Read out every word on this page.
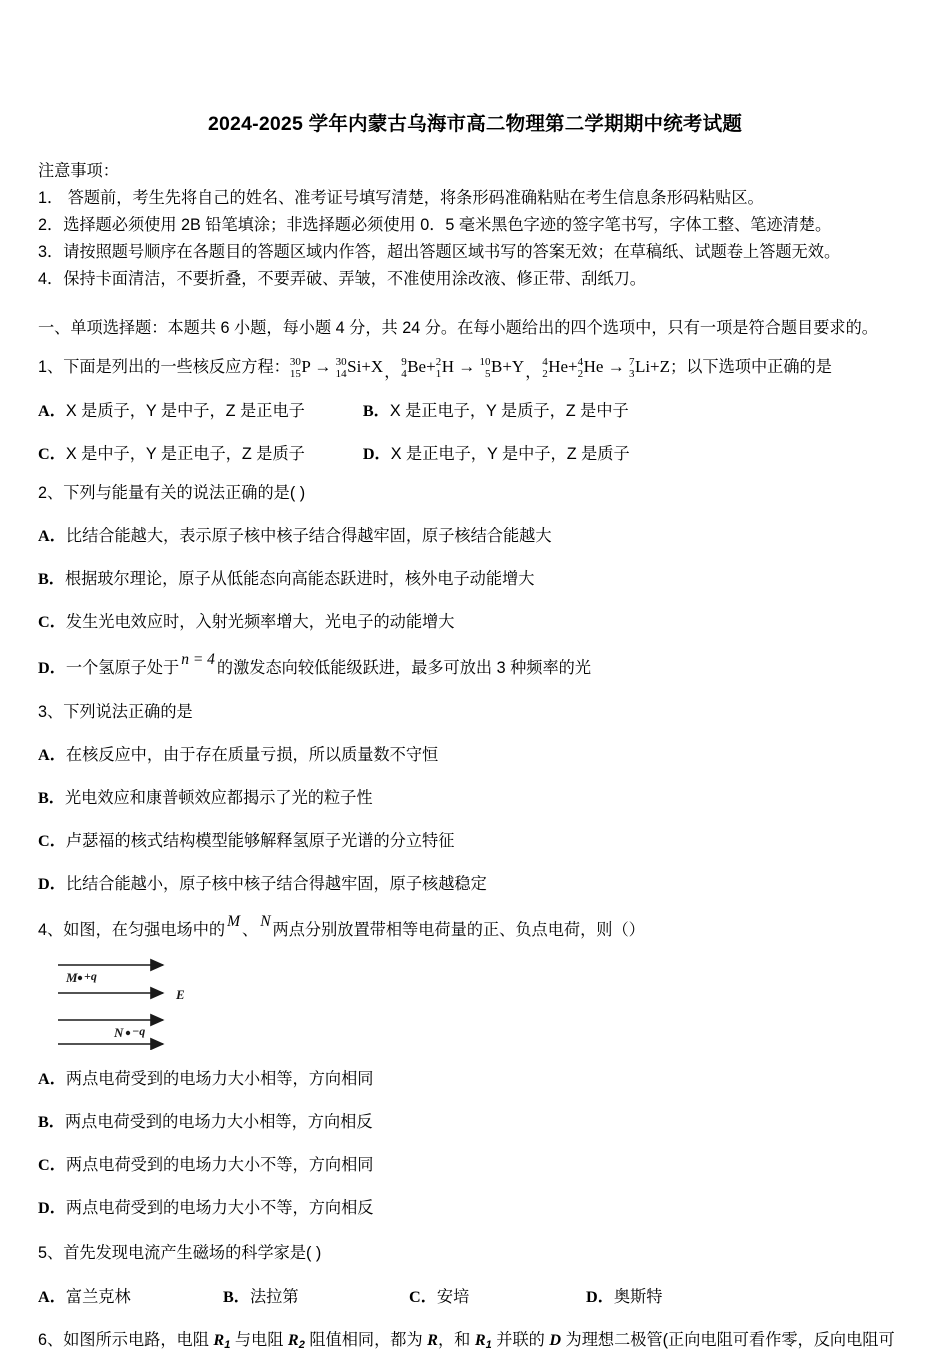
2024-2025 学年内蒙古乌海市高二物理第二学期期中统考试题
注意事项：
1． 答题前，考生先将自己的姓名、准考证号填写清楚，将条形码准确粘贴在考生信息条形码粘贴区。
2．选择题必须使用 2B 铅笔填涂；非选择题必须使用 0．5 毫米黑色字迹的签字笔书写，字体工整、笔迹清楚。
3．请按照题号顺序在各题目的答题区域内作答，超出答题区域书写的答案无效；在草稿纸、试题卷上答题无效。
4．保持卡面清洁，不要折叠，不要弄破、弄皱，不准使用涂改液、修正带、刮纸刀。
一、单项选择题：本题共 6 小题，每小题 4 分，共 24 分。在每小题给出的四个选项中，只有一项是符合题目要求的。
1、下面是列出的一些核反应方程： 30
15 P → 30
14 Si+X，
9
4 Be+ 2
1 H → 10
5 B+Y，
4
2 He+ 4
2 He → 7
3 Li+Z；以下选项中正确的是
A．X 是质子，Y 是中子，Z 是正电子	B．X 是正电子，Y 是质子，Z 是中子
C．X 是中子，Y 是正电子，Z 是质子	D．X 是正电子，Y 是中子，Z 是质子
2、下列与能量有关的说法正确的是( )
A．比结合能越大，表示原子核中核子结合得越牢固，原子核结合能越大
B．根据玻尔理论，原子从低能态向高能态跃进时，核外电子动能增大
C．发生光电效应时，入射光频率增大，光电子的动能增大
D．一个氢原子处于 n = 4 的激发态向较低能级跃进，最多可放出 3 种频率的光
3、下列说法正确的是
A．在核反应中，由于存在质量亏损，所以质量数不守恒
B．光电效应和康普顿效应都揭示了光的粒子性
C．卢瑟福的核式结构模型能够解释氢原子光谱的分立特征
D．比结合能越小，原子核中核子结合得越牢固，原子核越稳定
4、如图，在匀强电场中的 M 、 N 两点分别放置带相等电荷量的正、负点电荷，则（）
M +q
E
N −q
A．两点电荷受到的电场力大小相等，方向相同
B．两点电荷受到的电场力大小相等，方向相反
C．两点电荷受到的电场力大小不等，方向相同
D．两点电荷受到的电场力大小不等，方向相反
5、首先发现电流产生磁场的科学家是( )
A．富兰克林	B．法拉第	C．安培	D．奥斯特
6、如图所示电路，电阻 $R_1$ 与电阻 $R_2$ 阻值相同，都为 R，和 $R_1$ 并联的 D 为理想二极管(正向电阻可看作零，反向电阻可
